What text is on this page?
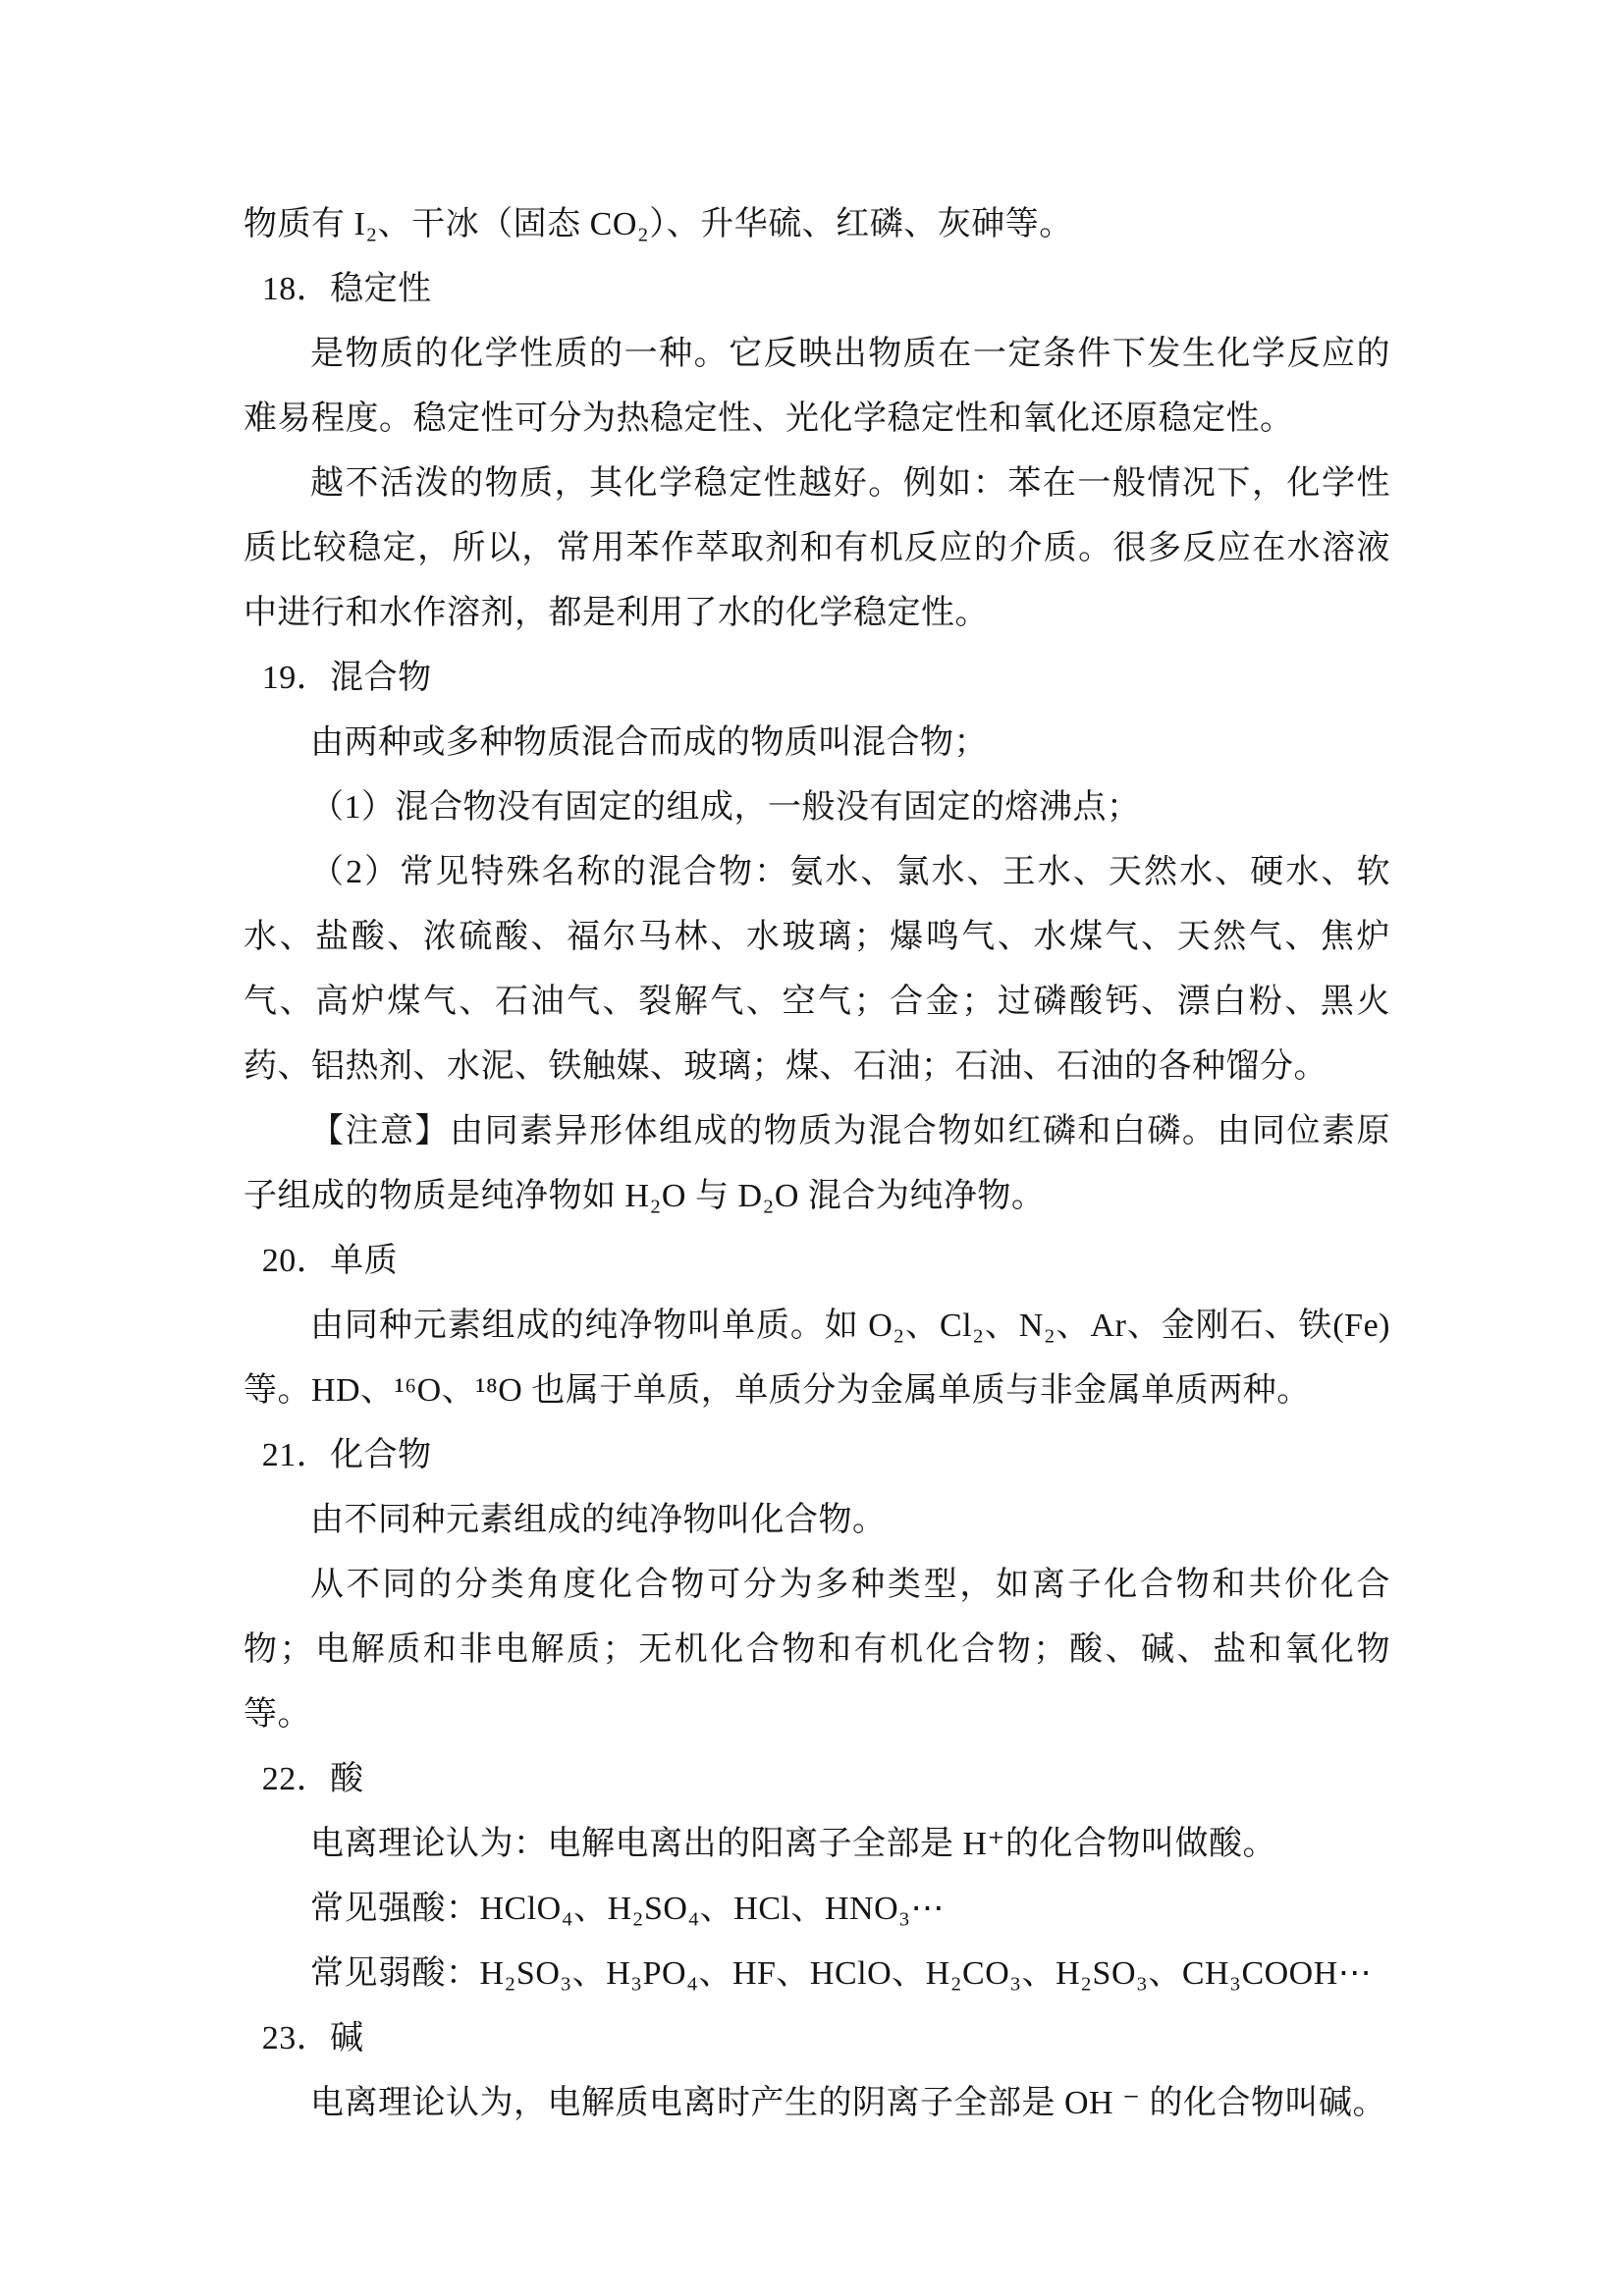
物质有 I₂、干冰（固态 CO₂）、升华硫、红磷、灰砷等。

18．稳定性

是物质的化学性质的一种。它反映出物质在一定条件下发生化学反应的难易程度。稳定性可分为热稳定性、光化学稳定性和氧化还原稳定性。

越不活泼的物质，其化学稳定性越好。例如：苯在一般情况下，化学性质比较稳定，所以，常用苯作萃取剂和有机反应的介质。很多反应在水溶液中进行和水作溶剂，都是利用了水的化学稳定性。

19．混合物

由两种或多种物质混合而成的物质叫混合物；

（1）混合物没有固定的组成，一般没有固定的熔沸点；

（2）常见特殊名称的混合物：氨水、氯水、王水、天然水、硬水、软水、盐酸、浓硫酸、福尔马林、水玻璃；爆鸣气、水煤气、天然气、焦炉气、高炉煤气、石油气、裂解气、空气；合金；过磷酸钙、漂白粉、黑火药、铝热剂、水泥、铁触媒、玻璃；煤、石油；石油、石油的各种馏分。

【注意】由同素异形体组成的物质为混合物如红磷和白磷。由同位素原子组成的物质是纯净物如 H₂O 与 D₂O 混合为纯净物。

20．单质

由同种元素组成的纯净物叫单质。如 O₂、Cl₂、N₂、Ar、金刚石、铁(Fe)等。HD、¹⁶O、¹⁸O 也属于单质，单质分为金属单质与非金属单质两种。

21．化合物

由不同种元素组成的纯净物叫化合物。

从不同的分类角度化合物可分为多种类型，如离子化合物和共价化合物；电解质和非电解质；无机化合物和有机化合物；酸、碱、盐和氧化物等。

22．酸

电离理论认为：电解电离出的阳离子全部是 H⁺的化合物叫做酸。

常见强酸：HClO₄、H₂SO₄、HCl、HNO₃⋯

常见弱酸：H₂SO₃、H₃PO₄、HF、HClO、H₂CO₃、H₂SO₃、CH₃COOH⋯

23．碱

电离理论认为，电解质电离时产生的阴离子全部是 OH ⁻ 的化合物叫碱。
